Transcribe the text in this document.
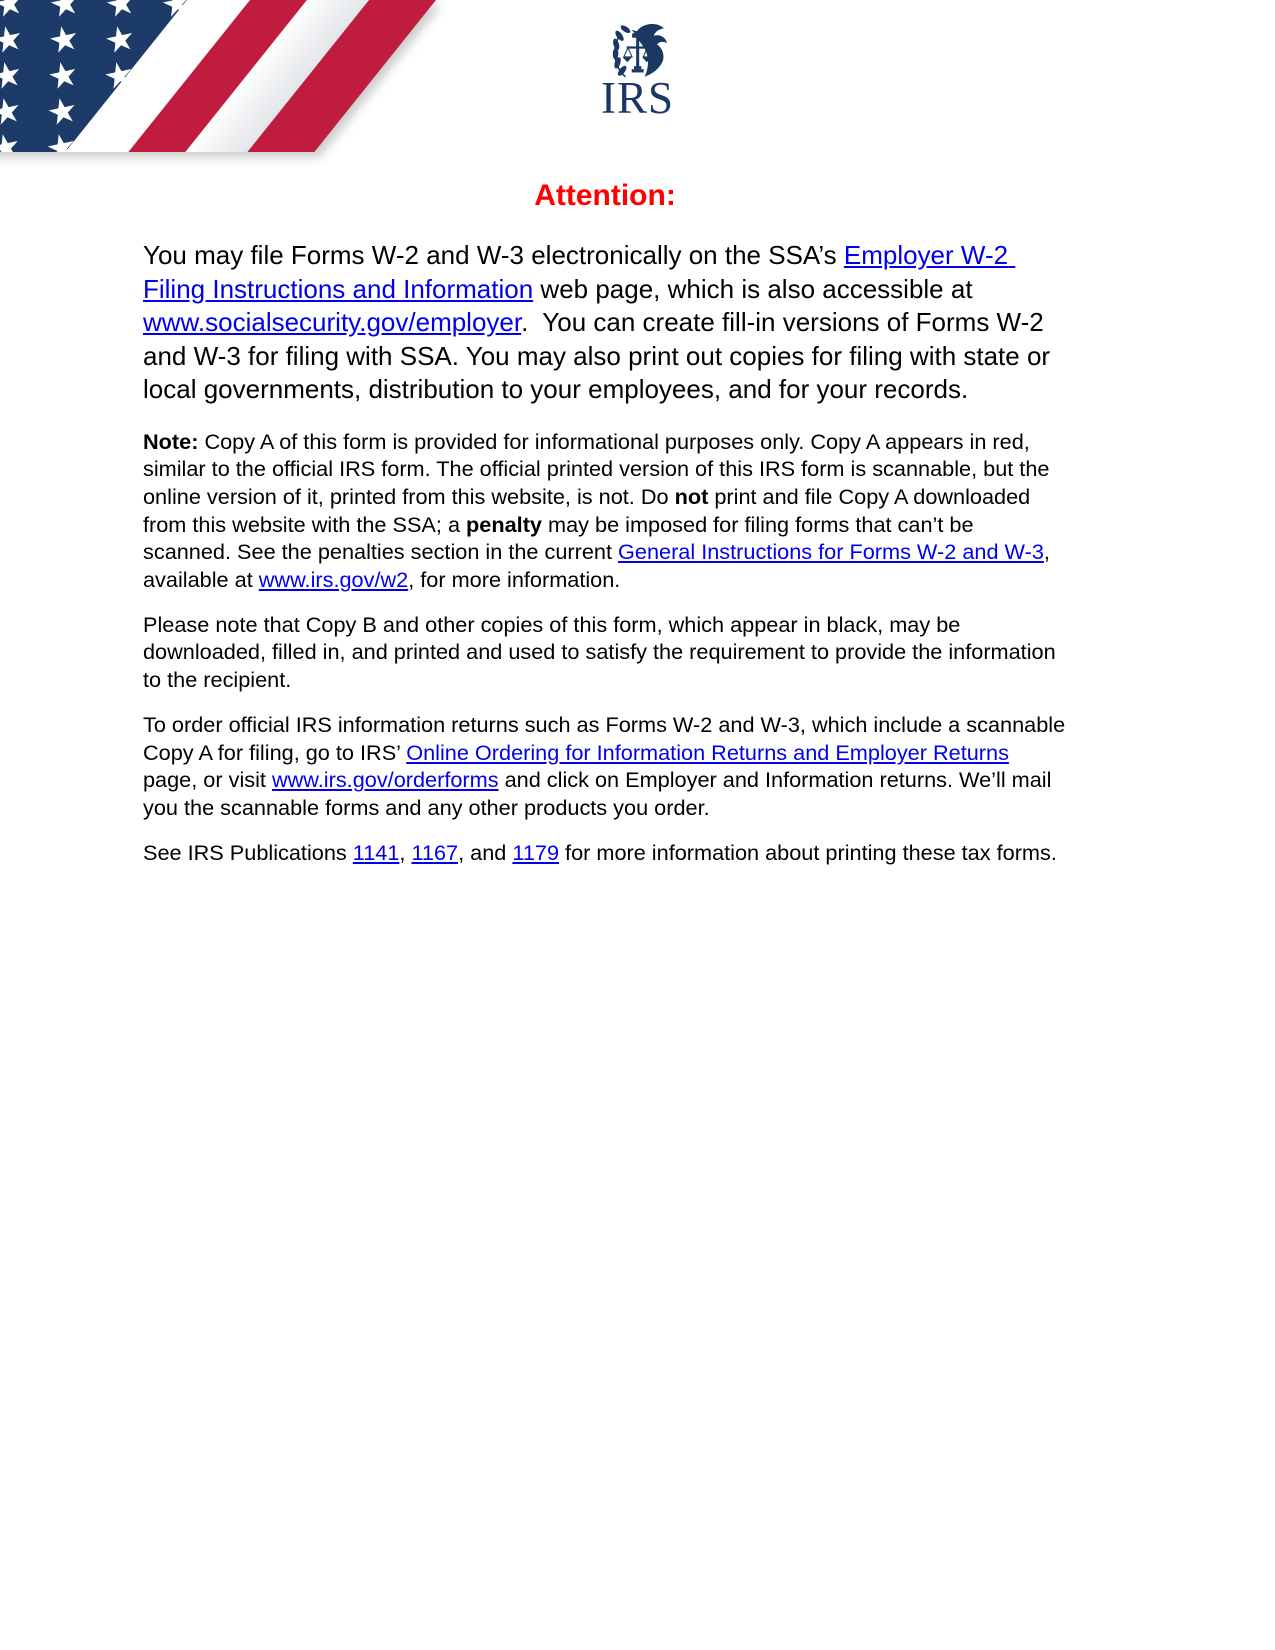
IRS
Attention:

You may file Forms W-2 and W-3 electronically on the SSA’s Employer W-2 Filing Instructions and Information web page, which is also accessible at www.socialsecurity.gov/employer.  You can create fill-in versions of Forms W-2 and W-3 for filing with SSA. You may also print out copies for filing with state or local governments, distribution to your employees, and for your records.

Note: Copy A of this form is provided for informational purposes only. Copy A appears in red, similar to the official IRS form. The official printed version of this IRS form is scannable, but the online version of it, printed from this website, is not. Do not print and file Copy A downloaded from this website with the SSA; a penalty may be imposed for filing forms that can’t be scanned. See the penalties section in the current General Instructions for Forms W-2 and W-3, available at www.irs.gov/w2, for more information.

Please note that Copy B and other copies of this form, which appear in black, may be downloaded, filled in, and printed and used to satisfy the requirement to provide the information to the recipient.

To order official IRS information returns such as Forms W-2 and W-3, which include a scannable Copy A for filing, go to IRS’ Online Ordering for Information Returns and Employer Returns page, or visit www.irs.gov/orderforms and click on Employer and Information returns. We’ll mail you the scannable forms and any other products you order.

See IRS Publications 1141, 1167, and 1179 for more information about printing these tax forms.
